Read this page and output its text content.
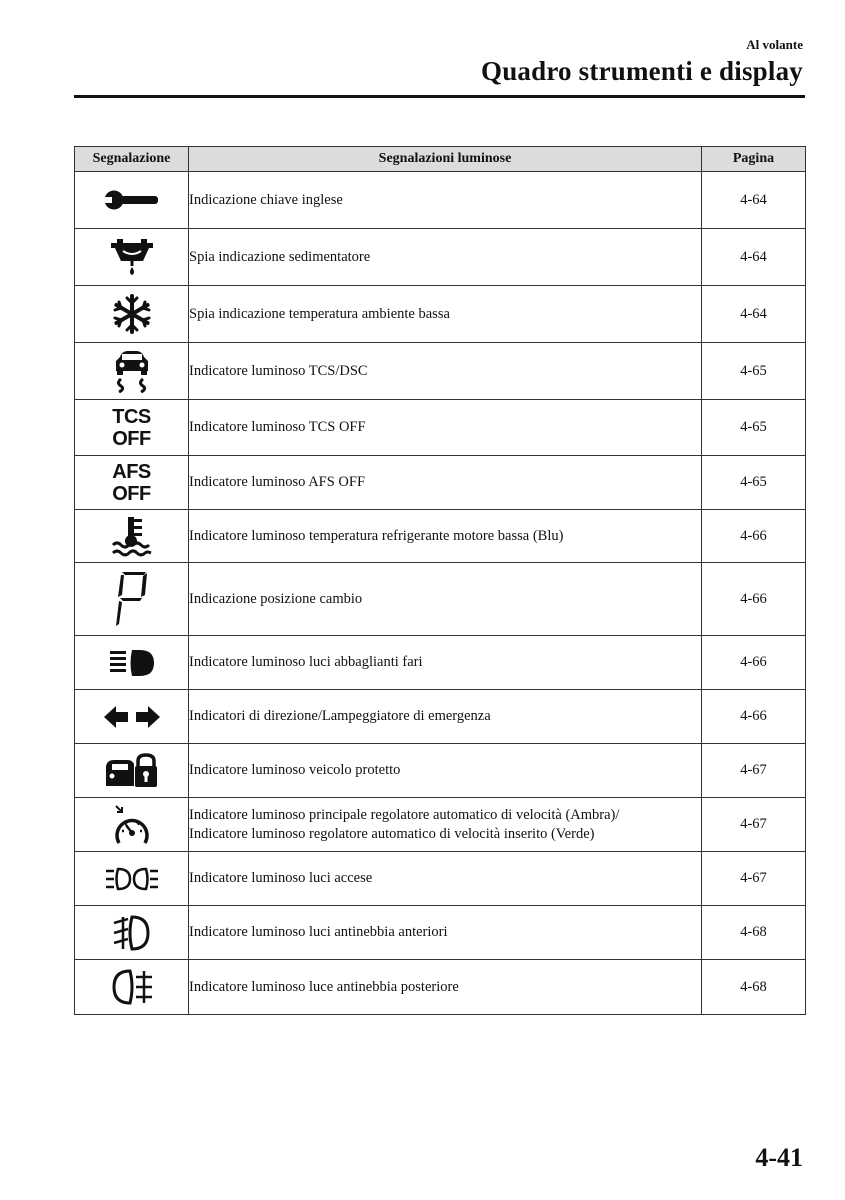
Al volante
Quadro strumenti e display
Segnalazione	Segnalazioni luminose	Pagina

	Indicazione chiave inglese	4-64

	Spia indicazione sedimentatore	4-64

	Spia indicazione temperatura ambiente bassa	4-64

	Indicatore luminoso TCS/DSC	4-65

TCS
OFF	Indicatore luminoso TCS OFF	4-65

AFS
OFF	Indicatore luminoso AFS OFF	4-65

	Indicatore luminoso temperatura refrigerante motore bassa (Blu)	4-66

	Indicazione posizione cambio	4-66

	Indicatore luminoso luci abbaglianti fari	4-66

	Indicatori di direzione/Lampeggiatore di emergenza	4-66

	Indicatore luminoso veicolo protetto	4-67

Indicatore luminoso principale regolatore automatico di velocità (Ambra)/
Indicatore luminoso regolatore automatico di velocità inserito (Verde)	4-67

	Indicatore luminoso luci accese	4-67

	Indicatore luminoso luci antinebbia anteriori	4-68

	Indicatore luminoso luce antinebbia posteriore	4-68
4-41
